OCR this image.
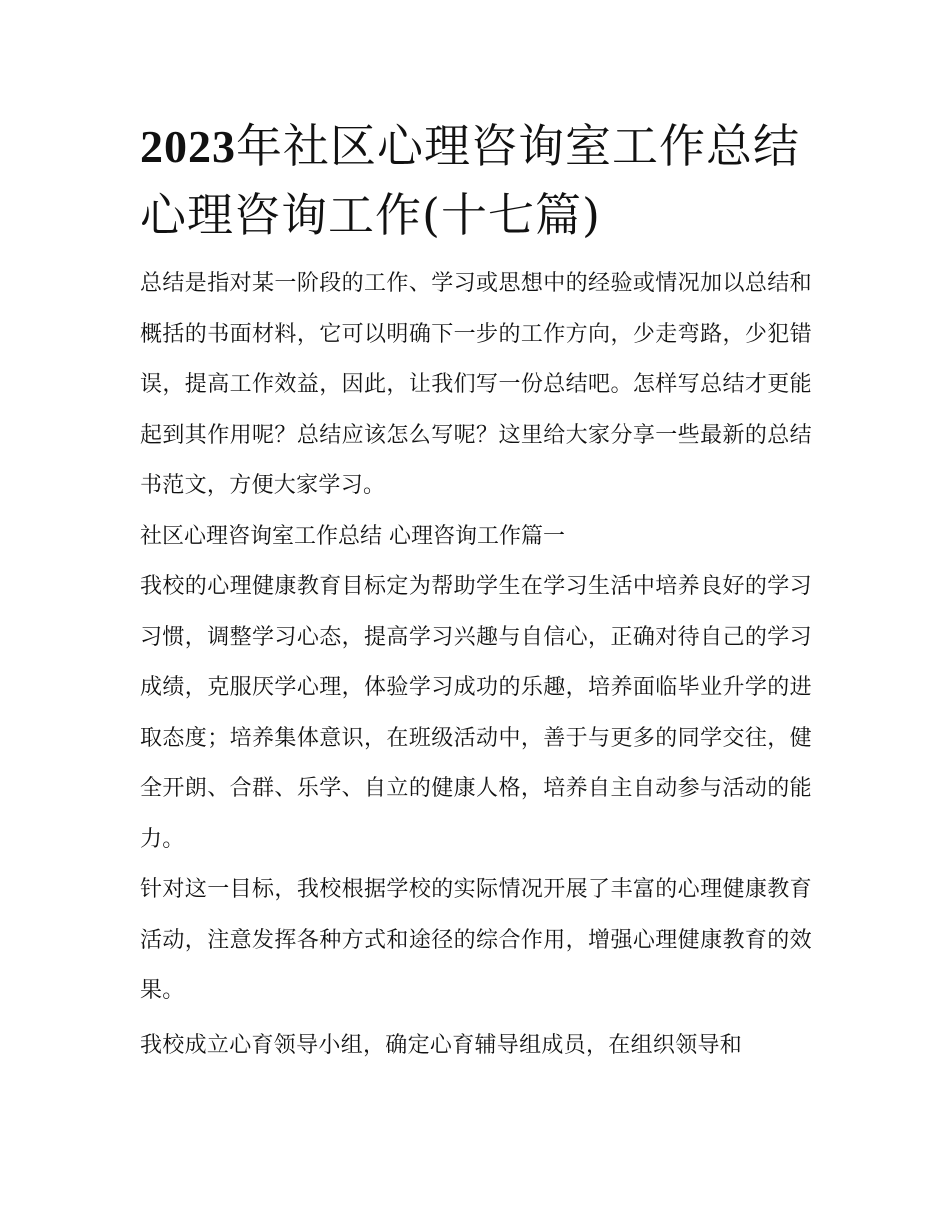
2023年社区心理咨询室工作总结 心理咨询工作(十七篇)

总结是指对某一阶段的工作、学习或思想中的经验或情况加以总结和概括的书面材料，它可以明确下一步的工作方向，少走弯路，少犯错误，提高工作效益，因此，让我们写一份总结吧。怎样写总结才更能起到其作用呢？总结应该怎么写呢？这里给大家分享一些最新的总结书范文，方便大家学习。

社区心理咨询室工作总结 心理咨询工作篇一

我校的心理健康教育目标定为帮助学生在学习生活中培养良好的学习习惯，调整学习心态，提高学习兴趣与自信心，正确对待自己的学习成绩，克服厌学心理，体验学习成功的乐趣，培养面临毕业升学的进取态度；培养集体意识，在班级活动中，善于与更多的同学交往，健全开朗、合群、乐学、自立的健康人格，培养自主自动参与活动的能力。

针对这一目标，我校根据学校的实际情况开展了丰富的心理健康教育活动，注意发挥各种方式和途径的综合作用，增强心理健康教育的效果。

我校成立心育领导小组，确定心育辅导组成员，在组织领导和
